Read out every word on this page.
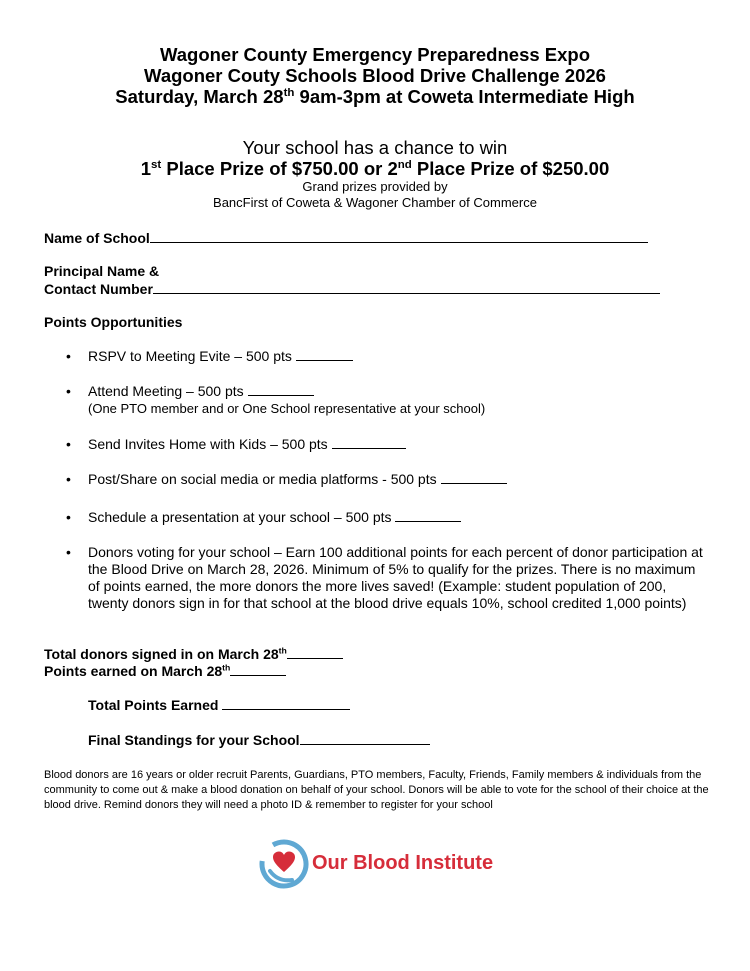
Wagoner County Emergency Preparedness Expo
Wagoner Couty Schools Blood Drive Challenge 2026
Saturday, March 28th 9am-3pm at Coweta Intermediate High
Your school has a chance to win
1st Place Prize of $750.00 or 2nd Place Prize of $250.00
Grand prizes provided by
BancFirst of Coweta & Wagoner Chamber of Commerce
Name of School
Principal Name &
Contact Number
Points Opportunities
• RSPV to Meeting Evite – 500 pts
• Attend Meeting – 500 pts
(One PTO member and or One School representative at your school)
• Send Invites Home with Kids – 500 pts
• Post/Share on social media or media platforms - 500 pts
• Schedule a presentation at your school – 500 pts
• Donors voting for your school – Earn 100 additional points for each percent of donor participation at the Blood Drive on March 28, 2026. Minimum of 5% to qualify for the prizes. There is no maximum of points earned, the more donors the more lives saved! (Example: student population of 200, twenty donors sign in for that school at the blood drive equals 10%, school credited 1,000 points)
Total donors signed in on March 28th
Points earned on March 28th
Total Points Earned
Final Standings for your School
Blood donors are 16 years or older recruit Parents, Guardians, PTO members, Faculty, Friends, Family members & individuals from the community to come out & make a blood donation on behalf of your school. Donors will be able to vote for the school of their choice at the blood drive. Remind donors they will need a photo ID & remember to register for your school
Our Blood Institute
